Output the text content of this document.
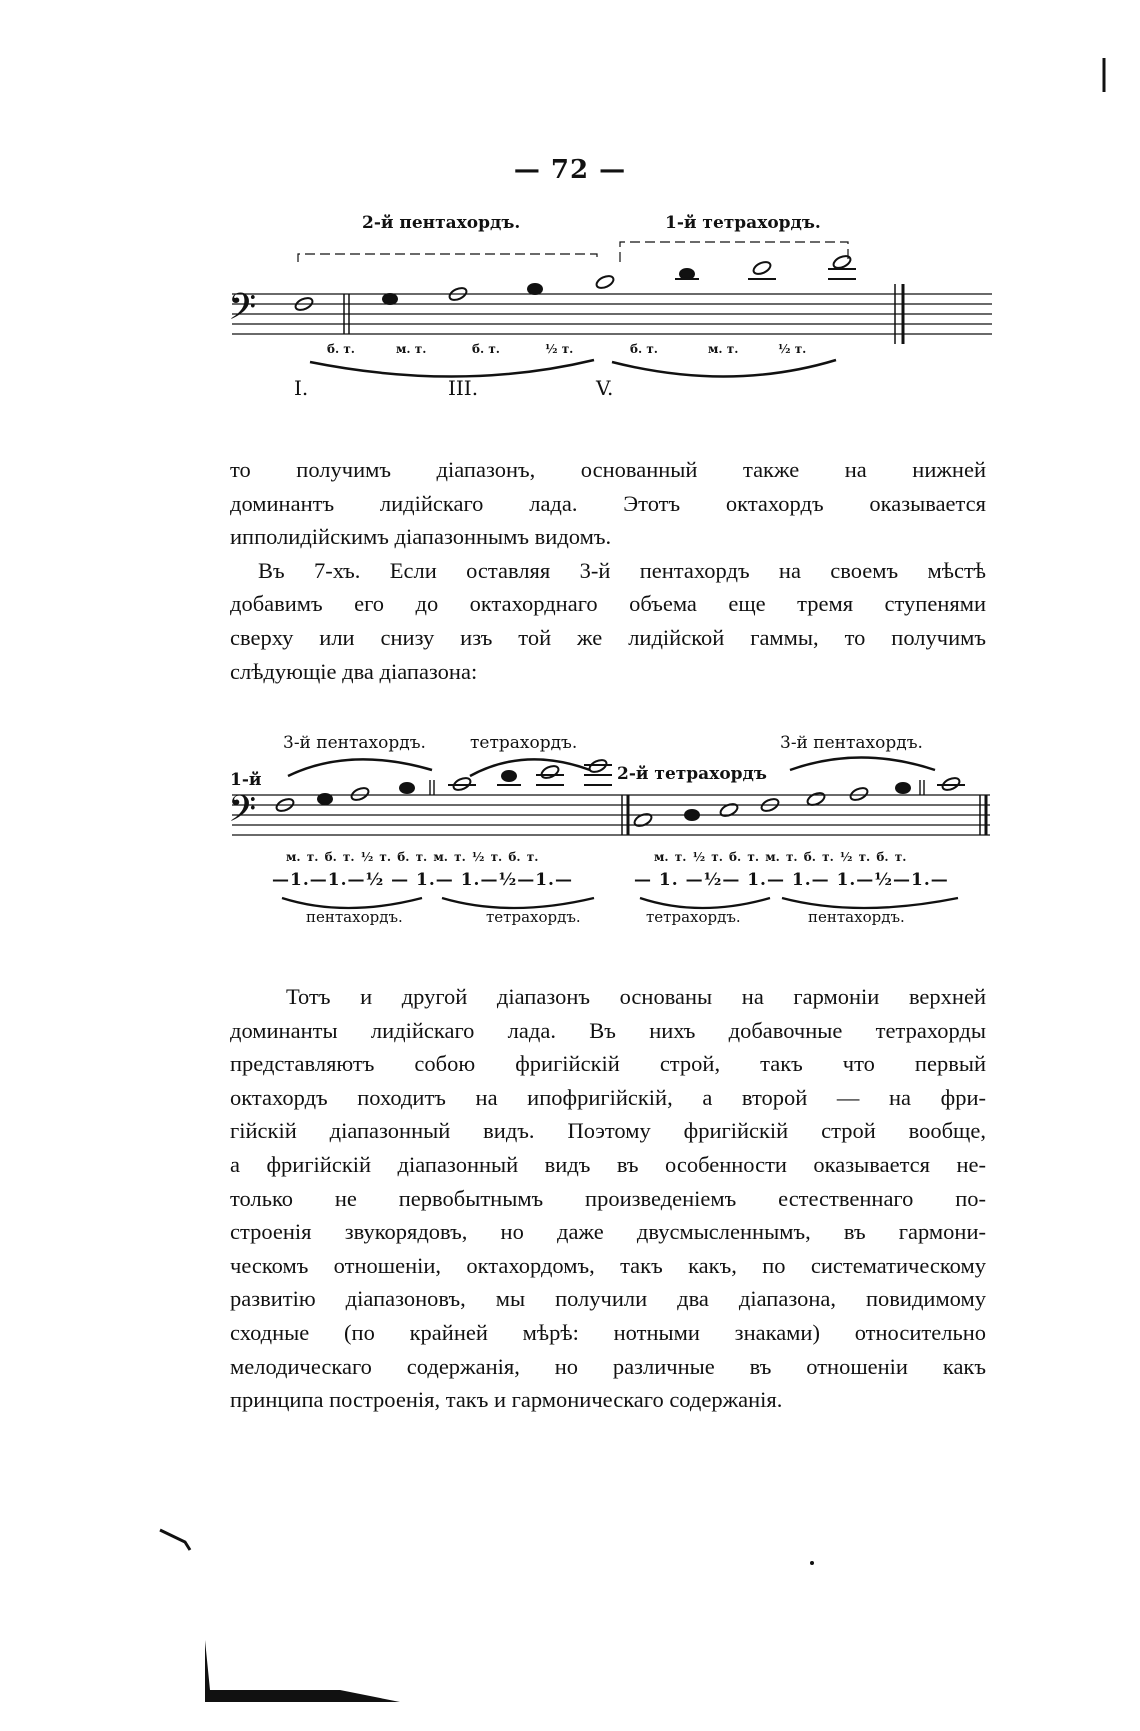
— 72 —
2-й пентахордъ.	1-й тетрахордъ.
𝄢
б. т.	м. т.	б. т.	½ т.	б. т.	м. т.	½ т.
I.	III.	V.
то получимъ діапазонъ, основанный также на нижней
доминантъ лидійскаго лада. Этотъ октахордъ оказывается
ипполидійскимъ діапазоннымъ видомъ.
Въ 7-хъ. Если оставляя 3-й пентахордъ на своемъ мѣстѣ
добавимъ его до октахорднаго объема еще тремя ступенями
сверху или снизу изъ той же лидійской гаммы, то получимъ
слѣдующіе два діапазона:
3-й пентахордъ.	тетрахордъ.	3-й пентахордъ.
1-й	2-й тетрахордъ
𝄢
м. т. б. т. ½ т. б. т. м. т. ½ т. б. т.	м. т. ½ т. б. т. м. т. б. т. ½ т. б. т.
—1.—1.—½ — 1.— 1.—½—1.—	— 1. —½— 1.— 1.— 1.—½—1.—
пентахордъ.	тетрахордъ.	тетрахордъ.	пентахордъ.
Тотъ и другой діапазонъ основаны на гармоніи верхней
доминанты лидійскаго лада. Въ нихъ добавочные тетрахорды
представляютъ собою фригійскій строй, такъ что первый
октахордъ походитъ на ипофригійскій, а второй — на фри-
гійскій діапазонный видъ. Поэтому фригійскій строй вообще,
а фригійскій діапазонный видъ въ особенности оказывается не-
только не первобытнымъ произведеніемъ естественнаго по-
строенія звукорядовъ, но даже двусмысленнымъ, въ гармони-
ческомъ отношеніи, октахордомъ, такъ какъ, по систематическому
развитію діапазоновъ, мы получили два діапазона, повидимому
сходные (по крайней мѣрѣ: нотными знаками) относительно
мелодическаго содержанія, но различные въ отношеніи какъ
принципа построенія, такъ и гармоническаго содержанія.
